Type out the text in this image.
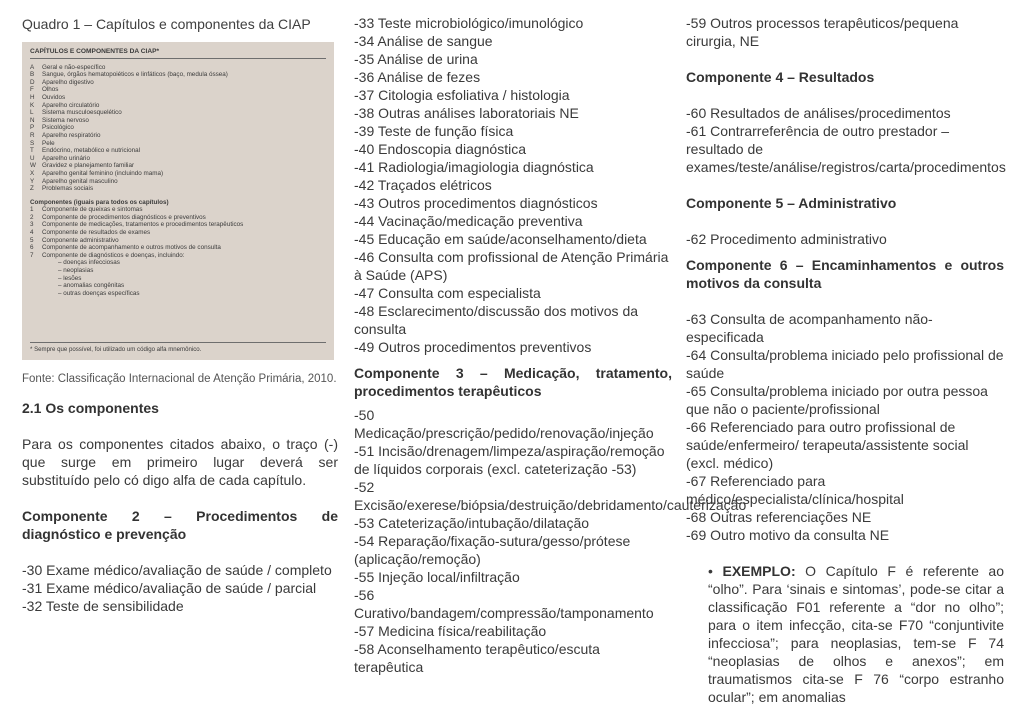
Quadro 1 – Capítulos e componentes da CIAP
CAPÍTULOS E COMPONENTES DA CIAP*
A	Geral e não-específico
B	Sangue, órgãos hematopoiéticos e linfáticos (baço, medula óssea)
D	Aparelho digestivo
F	Olhos
H	Ouvidos
K	Aparelho circulatório
L	Sistema musculoesquelético
N	Sistema nervoso
P	Psicológico
R	Aparelho respiratório
S	Pele
T	Endócrino, metabólico e nutricional
U	Aparelho urinário
W Gravidez e planejamento familiar
X	Aparelho genital feminino (incluindo mama)
Y	Aparelho genital masculino
Z	Problemas sociais
Componentes (iguais para todos os capítulos)
1	Componente de queixas e sintomas
2	Componente de procedimentos diagnósticos e preventivos
3	Componente de medicações, tratamentos e procedimentos terapêuticos
4	Componente de resultados de exames
5	Componente administrativo
6	Componente de acompanhamento e outros motivos de consulta
7	Componente de diagnósticos e doenças, incluindo:
– doenças infecciosas
– neoplasias
– lesões
– anomalias congênitas
– outras doenças específicas
* Sempre que possível, foi utilizado um código alfa mnemônico.
Fonte: Classificação Internacional de Atenção Primária, 2010.
2.1 Os componentes

Para os componentes citados abaixo, o traço (-) que surge em primeiro lugar deverá ser substituído pelo có digo alfa de cada capítulo.

Componente 2 – Procedimentos de diagnóstico e prevenção

-30 Exame médico/avaliação de saúde / completo

-31 Exame médico/avaliação de saúde / parcial

-32 Teste de sensibilidade

-33 Teste microbiológico/imunológico

-34 Análise de sangue

-35 Análise de urina

-36 Análise de fezes

-37 Citologia esfoliativa / histologia

-38 Outras análises laboratoriais NE

-39 Teste de função física

-40 Endoscopia diagnóstica

-41 Radiologia/imagiologia diagnóstica

-42 Traçados elétricos

-43 Outros procedimentos diagnósticos

-44 Vacinação/medicação preventiva

-45 Educação em saúde/aconselhamento/dieta

-46 Consulta com profissional de Atenção Primária à Saúde (APS)

-47 Consulta com especialista

-48 Esclarecimento/discussão dos motivos da consulta

-49 Outros procedimentos preventivos

Componente 3 – Medicação, tratamento, procedimentos terapêuticos

-50 Medicação/prescrição/pedido/renovação/injeção

-51 Incisão/drenagem/limpeza/aspiração/remoção de líquidos corporais (excl. cateterização -53)

-52 Excisão/exerese/biópsia/destruição/debridamento/cauterização

-53 Cateterização/intubação/dilatação

-54 Reparação/fixação-sutura/gesso/prótese (aplicação/remoção)

-55 Injeção local/infiltração

-56 Curativo/bandagem/compressão/tamponamento

-57 Medicina física/reabilitação

-58 Aconselhamento terapêutico/escuta terapêutica

-59 Outros processos terapêuticos/pequena cirurgia, NE

Componente 4 – Resultados

-60 Resultados de análises/procedimentos

-61 Contrarreferência de outro prestador – resultado de exames/teste/análise/registros/carta/procedimentos

Componente 5 – Administrativo

-62 Procedimento administrativo

Componente 6 – Encaminhamentos e outros motivos da consulta

-63 Consulta de acompanhamento não-especificada

-64 Consulta/problema iniciado pelo profissional de saúde

-65 Consulta/problema iniciado por outra pessoa que não o paciente/profissional

-66 Referenciado para outro profissional de saúde/enfermeiro/ terapeuta/assistente social (excl. médico)

-67 Referenciado para médico/especialista/clínica/hospital

-68 Outras referenciações NE

-69 Outro motivo da consulta NE

• EXEMPLO: O Capítulo F é referente ao “olho”. Para ‘sinais e sintomas’, pode-se citar a classificação F01 referente a “dor no olho”; para o item infecção, cita-se F70 “conjuntivite infecciosa”; para neoplasias, tem-se F 74 “neoplasias de olhos e anexos”; em traumatismos cita-se F 76 “corpo estranho ocular”; em anomalias
